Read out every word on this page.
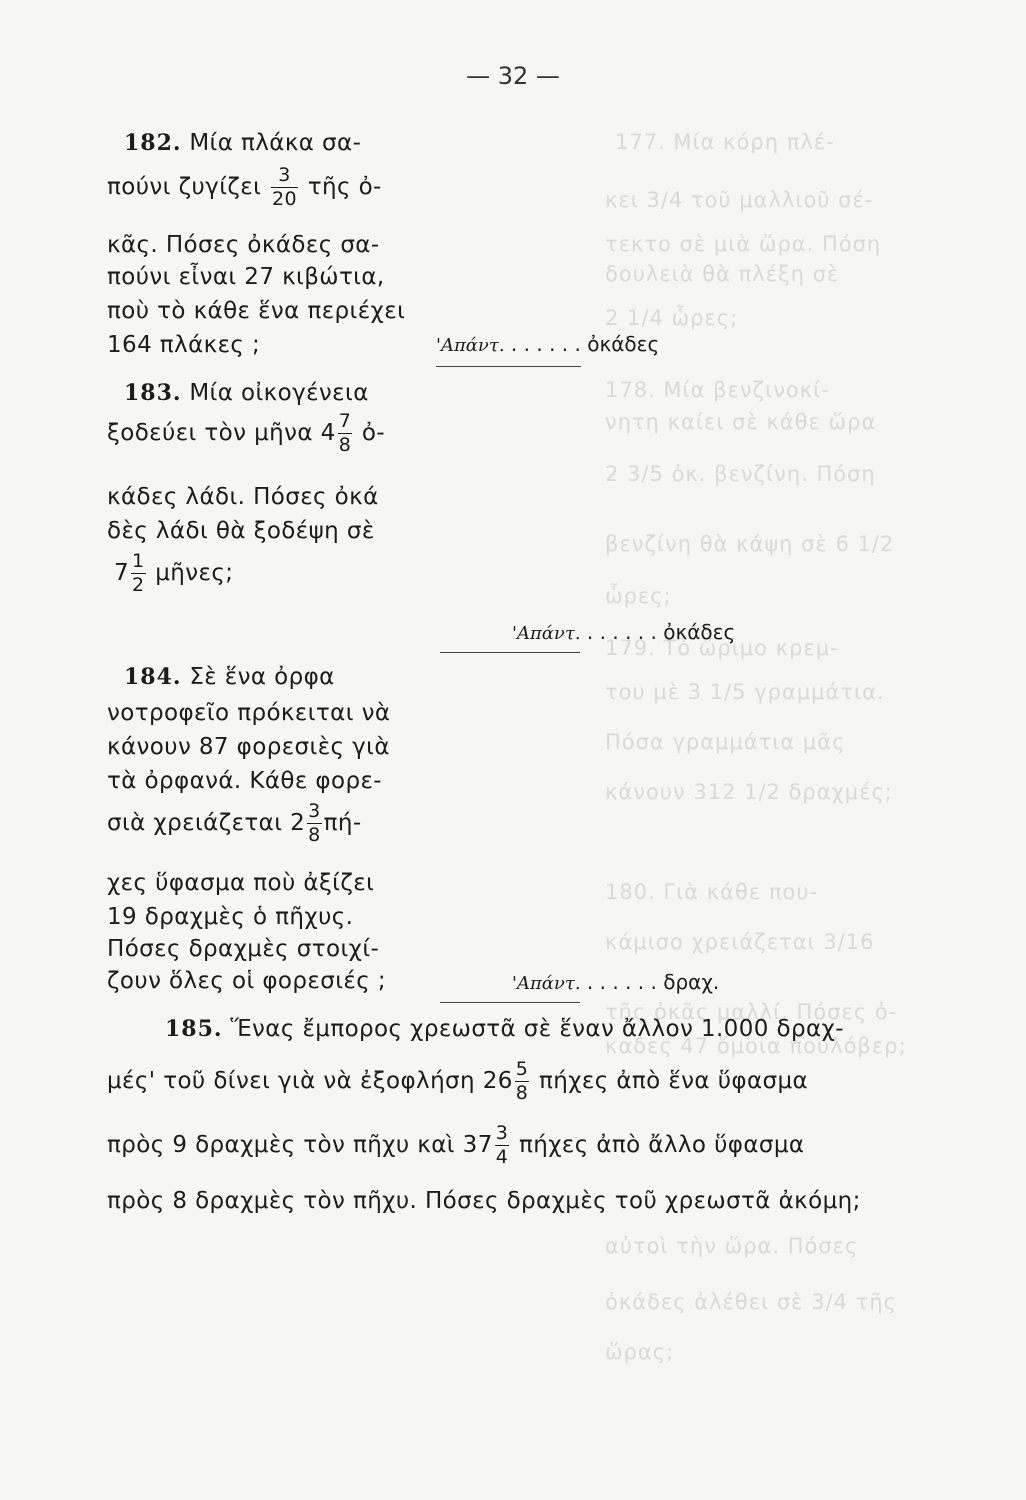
177. Μία κόρη πλέ-
κει 3/4 τοῦ μαλλιοῦ σέ-
τεκτο σὲ μιὰ ὥρα. Πόση
δουλειὰ θὰ πλέξη σὲ
2 1/4 ὧρες;
178. Μία βενζινοκί-
νητη καίει σὲ κάθε ὥρα
2 3/5 ὀκ. βενζίνη. Πόση
βενζίνη θὰ κάψη σὲ 6 1/2
ὧρες;
179. Τὸ ὥριμο κρεμ-
του μὲ 3 1/5 γραμμάτια.
Πόσα γραμμάτια μᾶς
κάνουν 312 1/2 δραχμές;
180. Γιὰ κάθε που-
κάμισο χρειάζεται 3/16
τῆς ὀκᾶς μαλλί. Πόσες ὀ-
καδες 47 ὅμοια πουλόβερ;
αὐτοὶ τὴν ὥρα. Πόσες
ὀκάδες ἀλέθει σὲ 3/4 τῆς
ὥρας;
— 32 —
182. Μία πλάκα σα-
πούνι ζυγίζει $\frac{3}{20}$ τῆς ὀ-
κᾶς. Πόσες ὀκάδες σα-
πούνι εἶναι 27 κιβώτια,
ποὺ τὸ κάθε ἕνα περιέχει
164 πλάκες ;	'Απάντ. . . . . . . ὀκάδες
183. Μία οἰκογένεια
ξοδεύει τὸν μῆνα $4 \frac{7}{8}$ ὀ-
κάδες λάδι. Πόσες ὀκά
δὲς λάδι θὰ ξοδέψη σὲ
$7 \frac{1}{2}$ μῆνες;
'Απάντ. . . . . . . ὀκάδες
184. Σὲ ἕνα ὀρφα
νοτροφεῖο πρόκειται νὰ
κάνουν 87 φορεσιὲς γιὰ
τὰ ὀρφανά. Κάθε φορε-
σιὰ χρειάζεται $2 \frac{3}{8} \pi ή-$
χες ὕφασμα ποὺ ἀξίζει
19 δραχμὲς ὁ πῆχυς.
Πόσες δραχμὲς στοιχί-
ζουν ὅλες οἱ φορεσιές ;	'Απάντ. . . . . . . δραχ.
185. Ἕνας ἔμπορος χρεωστᾶ σὲ ἕναν ἄλλον 1.000 δραχ-
μές' τοῦ δίνει γιὰ νὰ ἐξοφλήση $26 \frac{5}{8}$ πήχες ἀπὸ ἕνα ὕφασμα
πρὸς 9 δραχμὲς τὸν πῆχυ καὶ $37 \frac{3}{4}$ πήχες ἀπὸ ἄλλο ὕφασμα
πρὸς 8 δραχμὲς τὸν πῆχυ. Πόσες δραχμὲς τοῦ χρεωστᾶ ἀκόμη;
